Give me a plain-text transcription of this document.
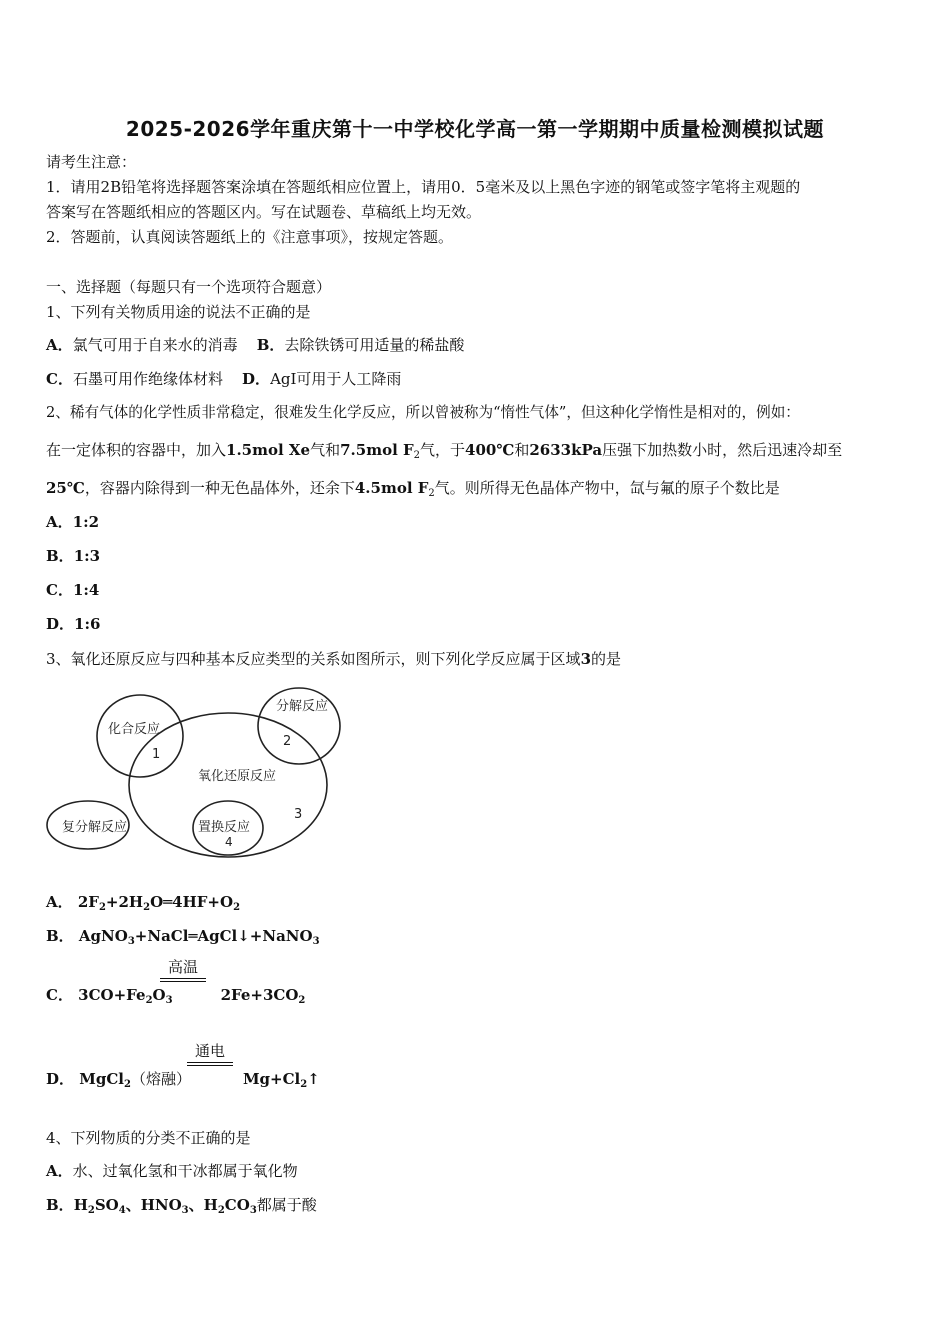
2025-2026学年重庆第十一中学校化学高一第一学期期中质量检测模拟试题
请考生注意：
1．请用2B铅笔将选择题答案涂填在答题纸相应位置上，请用0．5毫米及以上黑色字迹的钢笔或签字笔将主观题的
答案写在答题纸相应的答题区内。写在试题卷、草稿纸上均无效。
2．答题前，认真阅读答题纸上的《注意事项》，按规定答题。
一、选择题（每题只有一个选项符合题意）
1、下列有关物质用途的说法不正确的是
A．氯气可用于自来水的消毒 B．去除铁锈可用适量的稀盐酸
C．石墨可用作绝缘体材料 D．AgI可用于人工降雨
2、稀有气体的化学性质非常稳定，很难发生化学反应，所以曾被称为“惰性气体”，但这种化学惰性是相对的，例如：
在一定体积的容器中，加入1.5mol Xe气和7.5mol $F_2$气，于400℃和2633kPa压强下加热数小时，然后迅速冷却至
25℃，容器内除得到一种无色晶体外，还余下4.5mol $F_2$气。则所得无色晶体产物中，氙与氟的原子个数比是
A．1:2
B．1:3
C．1:4
D．1:6
3、氧化还原反应与四种基本反应类型的关系如图所示，则下列化学反应属于区域3的是
化合反应
1
分解反应
2
氧化还原反应
3
复分解反应	置换反应
4
A． $2F_2+2H_2O═4HF+O_2$
B． AgNO$_3$+NaCl═AgCl↓+NaNO$_3$
高温
C． $3CO+Fe_2O_3$	$2Fe+3CO_2$
通电
D． MgCl$_2$（熔融）	$Mg+Cl_2↑$
4、下列物质的分类不正确的是
A．水、过氧化氢和干冰都属于氧化物
B．$H_2SO_4$、$HNO_3$、$H_2CO_3$都属于酸
